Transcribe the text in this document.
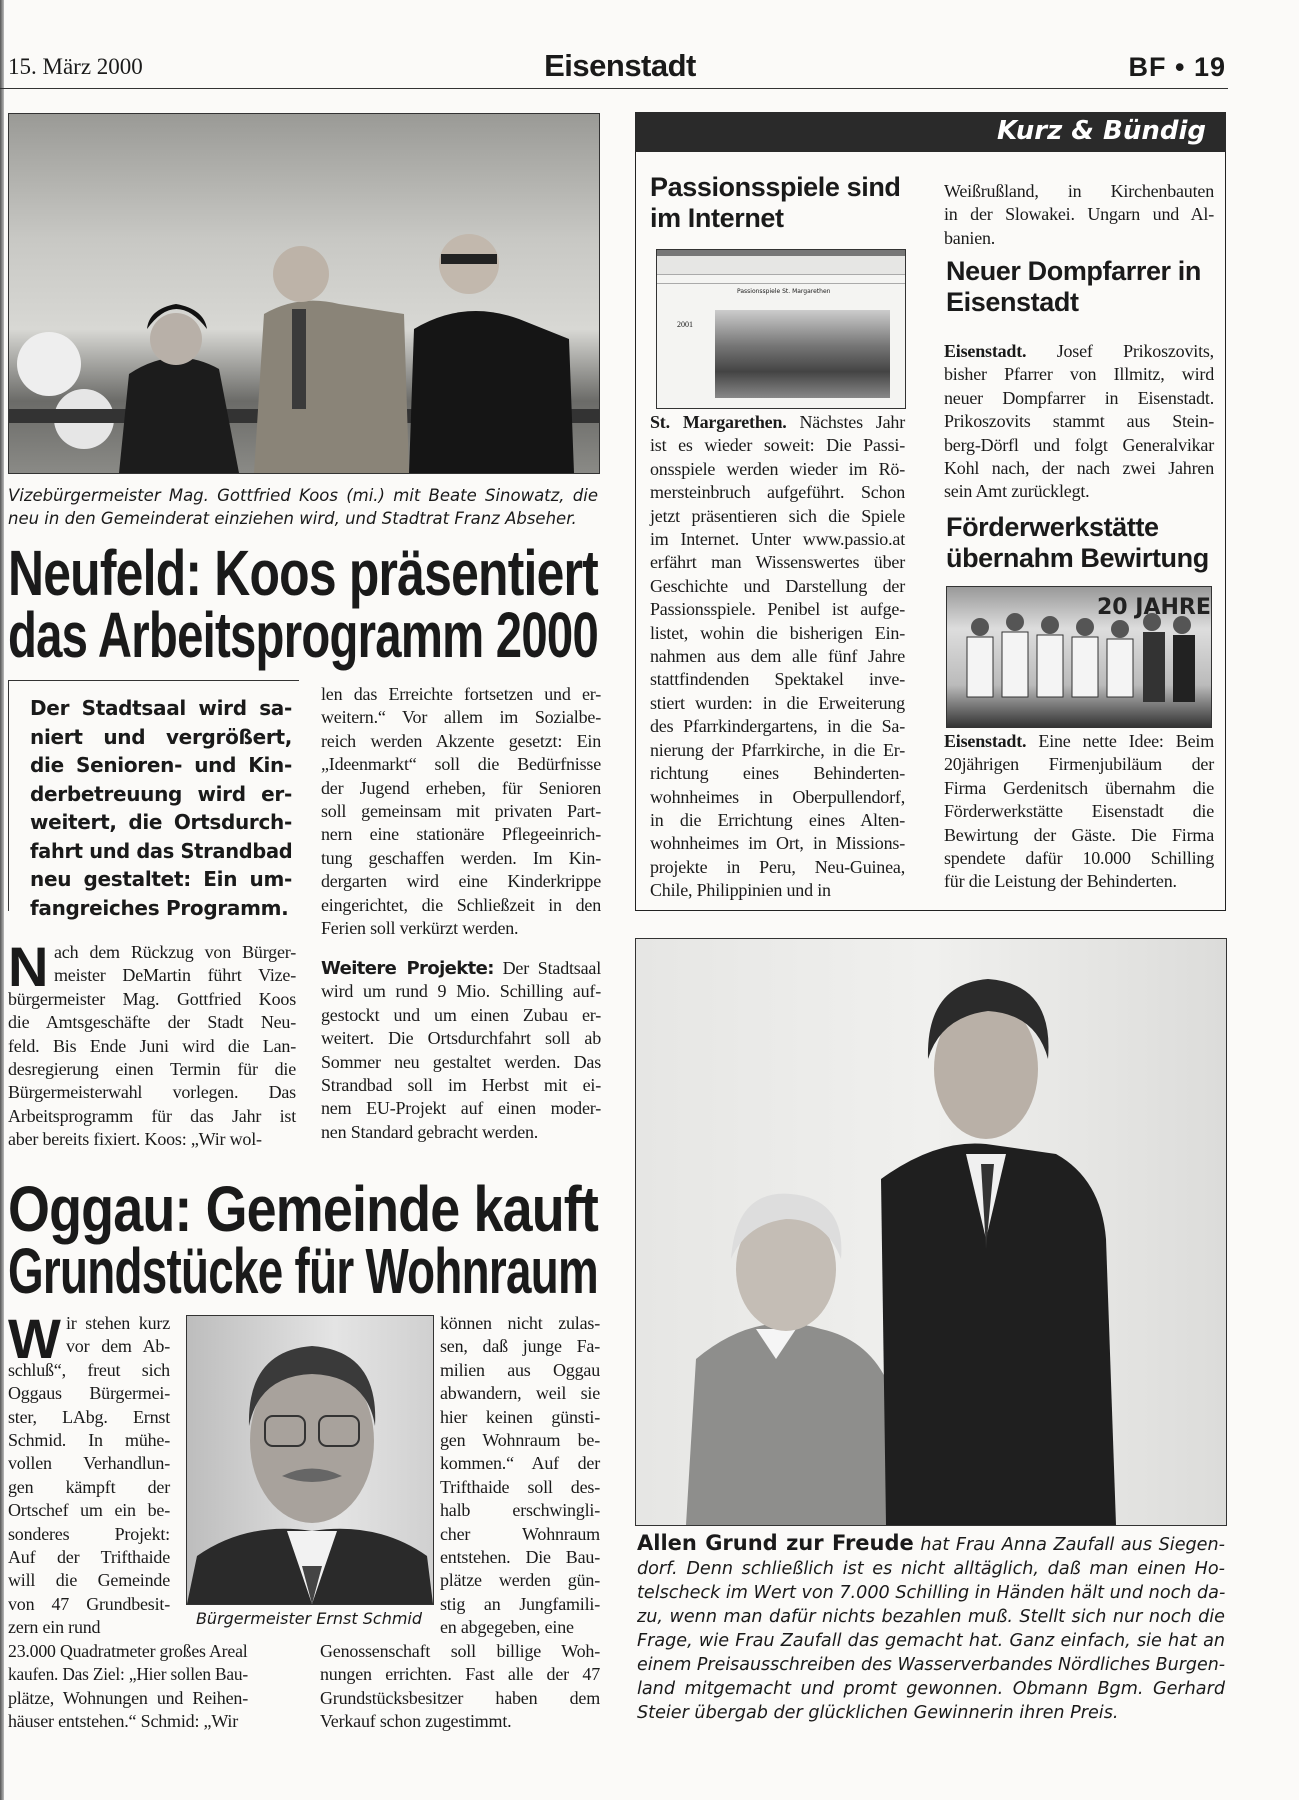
15. März 2000	Eisenstadt	BF • 19
Vizebürgermeister Mag. Gottfried Koos (mi.) mit Beate Sinowatz, die
neu in den Gemeinderat einziehen wird, und Stadtrat Franz Abseher.
Neufeld: Koos präsentiert
das Arbeitsprogramm 2000
Der Stadtsaal wird sa-
niert und vergrößert,
die Senioren- und Kin-
derbetreuung wird er-
weitert, die Ortsdurch-
fahrt und das Strandbad
neu gestaltet: Ein um-
fangreiches Programm.
N ach dem Rückzug von Bürger-
meister DeMartin führt Vize-
bürgermeister Mag. Gottfried Koos
die Amtsgeschäfte der Stadt Neu-
feld. Bis Ende Juni wird die Lan-
desregierung einen Termin für die
Bürgermeisterwahl vorlegen. Das
Arbeitsprogramm für das Jahr ist
aber bereits fixiert. Koos: „Wir wol-
len das Erreichte fortsetzen und er-
weitern.“ Vor allem im Sozialbe-
reich werden Akzente gesetzt: Ein
„Ideenmarkt“ soll die Bedürfnisse
der Jugend erheben, für Senioren
soll gemeinsam mit privaten Part-
nern eine stationäre Pflegeeinrich-
tung geschaffen werden. Im Kin-
dergarten wird eine Kinderkrippe
eingerichtet, die Schließzeit in den
Ferien soll verkürzt werden.
Weitere Projekte: Der Stadtsaal
wird um rund 9 Mio. Schilling auf-
gestockt und um einen Zubau er-
weitert. Die Ortsdurchfahrt soll ab
Sommer neu gestaltet werden. Das
Strandbad soll im Herbst mit ei-
nem EU-Projekt auf einen moder-
nen Standard gebracht werden.
Oggau: Gemeinde kauft
Grundstücke für Wohnraum
W ir stehen kurz
vor dem Ab-
schluß“, freut sich
Oggaus Bürgermei-
ster, LAbg. Ernst
Schmid. In mühe-
vollen Verhandlun-
gen kämpft der
Ortschef um ein be-
sonderes Projekt:
Auf der Trifthaide
will die Gemeinde
von 47 Grundbesit-
zern ein rund
23.000 Quadratmeter großes Areal
kaufen. Das Ziel: „Hier sollen Bau-
plätze, Wohnungen und Reihen-
häuser entstehen.“ Schmid: „Wir
können nicht zulas-
sen, daß junge Fa-
milien aus Oggau
abwandern, weil sie
hier keinen günsti-
gen Wohnraum be-
kommen.“ Auf der
Trifthaide soll des-
halb erschwingli-
cher Wohnraum
entstehen. Die Bau-
plätze werden gün-
stig an Jungfamili-
en abgegeben, eine
Genossenschaft soll billige Woh-
nungen errichten. Fast alle der 47
Grundstücksbesitzer haben dem
Verkauf schon zugestimmt.
Bürgermeister Ernst Schmid
Kurz & Bündig
Passionsspiele sind
im Internet
Passionsspiele St. Margarethen
2001
St. Margarethen. Nächstes Jahr
ist es wieder soweit: Die Passi-
onsspiele werden wieder im Rö-
mersteinbruch aufgeführt. Schon
jetzt präsentieren sich die Spiele
im Internet. Unter www.passio.at
erfährt man Wissenswertes über
Geschichte und Darstellung der
Passionsspiele. Penibel ist aufge-
listet, wohin die bisherigen Ein-
nahmen aus dem alle fünf Jahre
stattfindenden Spektakel inve-
stiert wurden: in die Erweiterung
des Pfarrkindergartens, in die Sa-
nierung der Pfarrkirche, in die Er-
richtung eines Behinderten-
wohnheimes in Oberpullendorf,
in die Errichtung eines Alten-
wohnheimes im Ort, in Missions-
projekte in Peru, Neu-Guinea,
Chile, Philippinien und in
Weißrußland, in Kirchenbauten
in der Slowakei. Ungarn und Al-
banien.
Neuer Dompfarrer in
Eisenstadt
Eisenstadt. Josef Prikoszovits,
bisher Pfarrer von Illmitz, wird
neuer Dompfarrer in Eisenstadt.
Prikoszovits stammt aus Stein-
berg-Dörfl und folgt Generalvikar
Kohl nach, der nach zwei Jahren
sein Amt zurücklegt.
Förderwerkstätte
übernahm Bewirtung
20 JAHRE
Eisenstadt. Eine nette Idee: Beim
20jährigen Firmenjubiläum der
Firma Gerdenitsch übernahm die
Förderwerkstätte Eisenstadt die
Bewirtung der Gäste. Die Firma
spendete dafür 10.000 Schilling
für die Leistung der Behinderten.
Allen Grund zur Freude hat Frau Anna Zaufall aus Siegen-
dorf. Denn schließlich ist es nicht alltäglich, daß man einen Ho-
telscheck im Wert von 7.000 Schilling in Händen hält und noch da-
zu, wenn man dafür nichts bezahlen muß. Stellt sich nur noch die
Frage, wie Frau Zaufall das gemacht hat. Ganz einfach, sie hat an
einem Preisausschreiben des Wasserverbandes Nördliches Burgen-
land mitgemacht und promt gewonnen. Obmann Bgm. Gerhard
Steier übergab der glücklichen Gewinnerin ihren Preis.
